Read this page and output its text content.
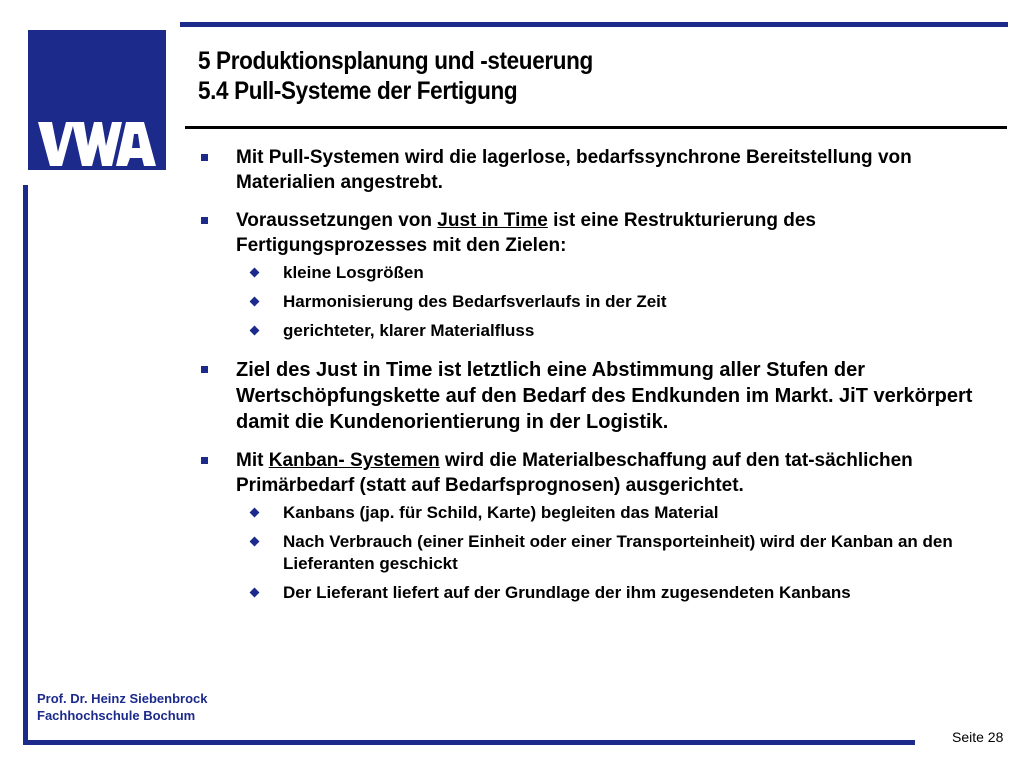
5 Produktionsplanung und -steuerung
5.4 Pull-Systeme der Fertigung
Mit Pull-Systemen wird die lagerlose, bedarfssynchrone Bereitstellung von Materialien angestrebt.
Voraussetzungen von Just in Time ist eine Restrukturierung des Fertigungsprozesses mit den Zielen:
kleine Losgrößen
Harmonisierung des Bedarfsverlaufs in der Zeit
gerichteter, klarer Materialfluss
Ziel des Just in Time ist letztlich eine Abstimmung aller Stufen der Wertschöpfungskette auf den Bedarf des Endkunden im Markt. JiT verkörpert damit die Kundenorientierung in der Logistik.
Mit Kanban- Systemen wird die Materialbeschaffung auf den tat-sächlichen Primärbedarf (statt auf Bedarfsprognosen) ausgerichtet.
Kanbans (jap. für Schild, Karte) begleiten das Material
Nach Verbrauch (einer Einheit oder einer Transporteinheit) wird der Kanban an den Lieferanten geschickt
Der Lieferant liefert auf der Grundlage der ihm zugesendeten Kanbans
Prof. Dr. Heinz Siebenbrock
Fachhochschule Bochum
Seite 28
